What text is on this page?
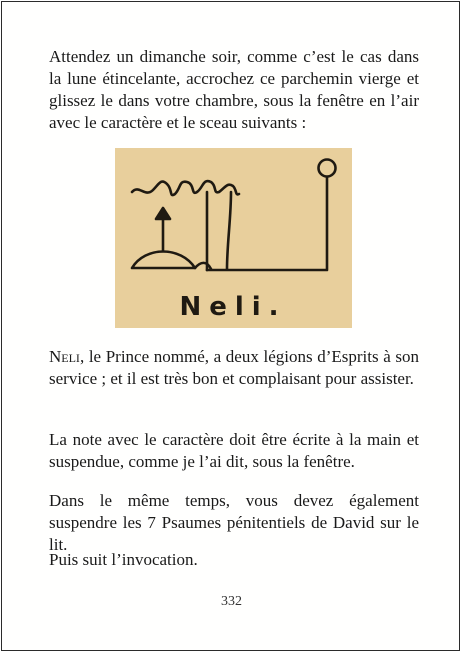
Attendez un dimanche soir, comme c’est le cas dans la lune étincelante, accrochez ce parchemin vierge et glissez le dans votre chambre, sous la fenêtre en l’air avec le caractère et le sceau suivants :

Neli.

Neli, le Prince nommé, a deux légions d’Esprits à son service ; et il est très bon et complaisant pour assister.

La note avec le caractère doit être écrite à la main et suspendue, comme je l’ai dit, sous la fenêtre.

Dans le même temps, vous devez également suspendre les 7 Psaumes pénitentiels de David sur le lit.

Puis suit l’invocation.

332
